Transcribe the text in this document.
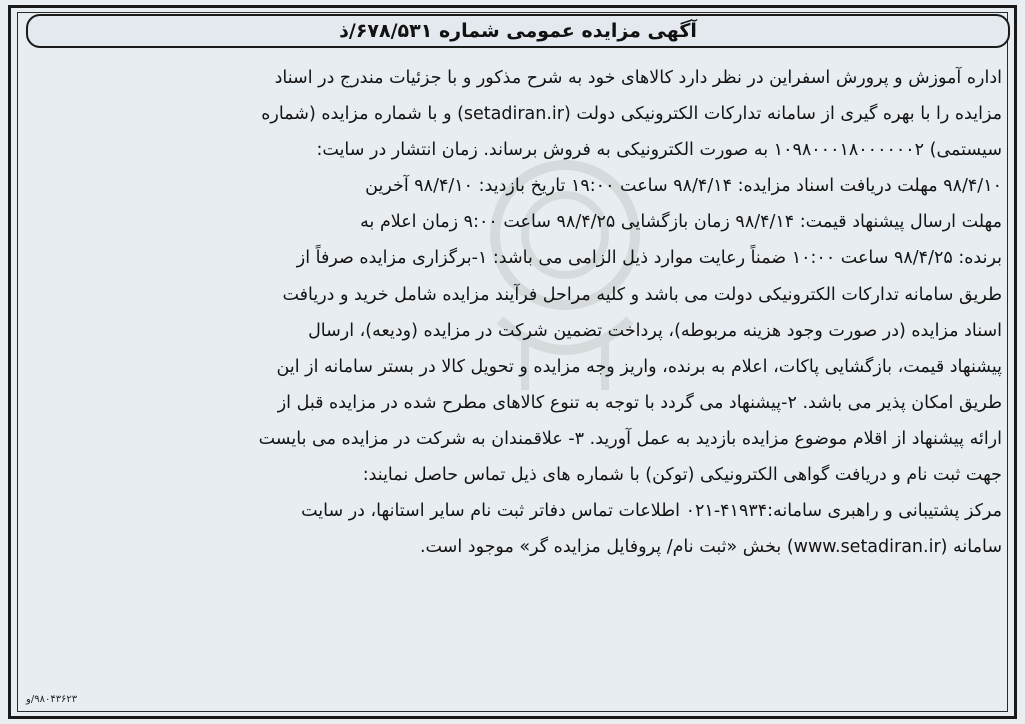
آگهی مزایده عمومی شماره ۶۷۸/۵۳۱/ذ
اداره آموزش و پرورش اسفراین در نظر دارد کالاهای خود به شرح مذکور و با جزئیات مندرج در اسناد
مزایده را با بهره گیری از سامانه تدارکات الکترونیکی دولت (setadiran.ir) و با شماره مزایده (شماره
سیستمی) ۱۰۹۸۰۰۰۱۸۰۰۰۰۰۰۲ به صورت الکترونیکی به فروش برساند. زمان انتشار در سایت:
۹۸/۴/۱۰ مهلت دریافت اسناد مزایده: ۹۸/۴/۱۴ ساعت ۱۹:۰۰ تاریخ بازدید: ۹۸/۴/۱۰ آخرین
مهلت ارسال پیشنهاد قیمت: ۹۸/۴/۱۴ زمان بازگشایی ۹۸/۴/۲۵ ساعت ۹:۰۰ زمان اعلام به
برنده: ۹۸/۴/۲۵ ساعت ۱۰:۰۰ ضمناً رعایت موارد ذیل الزامی می باشد: ۱-برگزاری مزایده صرفاً از
طریق سامانه تدارکات الکترونیکی دولت می باشد و کلیه مراحل فرآیند مزایده شامل خرید و دریافت
اسناد مزایده (در صورت وجود هزینه مربوطه)، پرداخت تضمین شرکت در مزایده (ودیعه)، ارسال
پیشنهاد قیمت، بازگشایی پاکات، اعلام به برنده، واریز وجه مزایده و تحویل کالا در بستر سامانه از این
طریق امکان پذیر می باشد. ۲-پیشنهاد می گردد با توجه به تنوع کالاهای مطرح شده در مزایده قبل از
ارائه پیشنهاد از اقلام موضوع مزایده بازدید به عمل آورید. ۳- علاقمندان به شرکت در مزایده می بایست
جهت ثبت نام و دریافت گواهی الکترونیکی (توکن) با شماره های ذیل تماس حاصل نمایند:
مرکز پشتیبانی و راهبری سامانه:۴۱۹۳۴-۰۲۱ اطلاعات تماس دفاتر ثبت نام سایر استانها، در سایت
سامانه (www.setadiran.ir) بخش «ثبت نام/ پروفایل مزایده گر» موجود است.
۹۸۰۴۳۶۲۳/و
